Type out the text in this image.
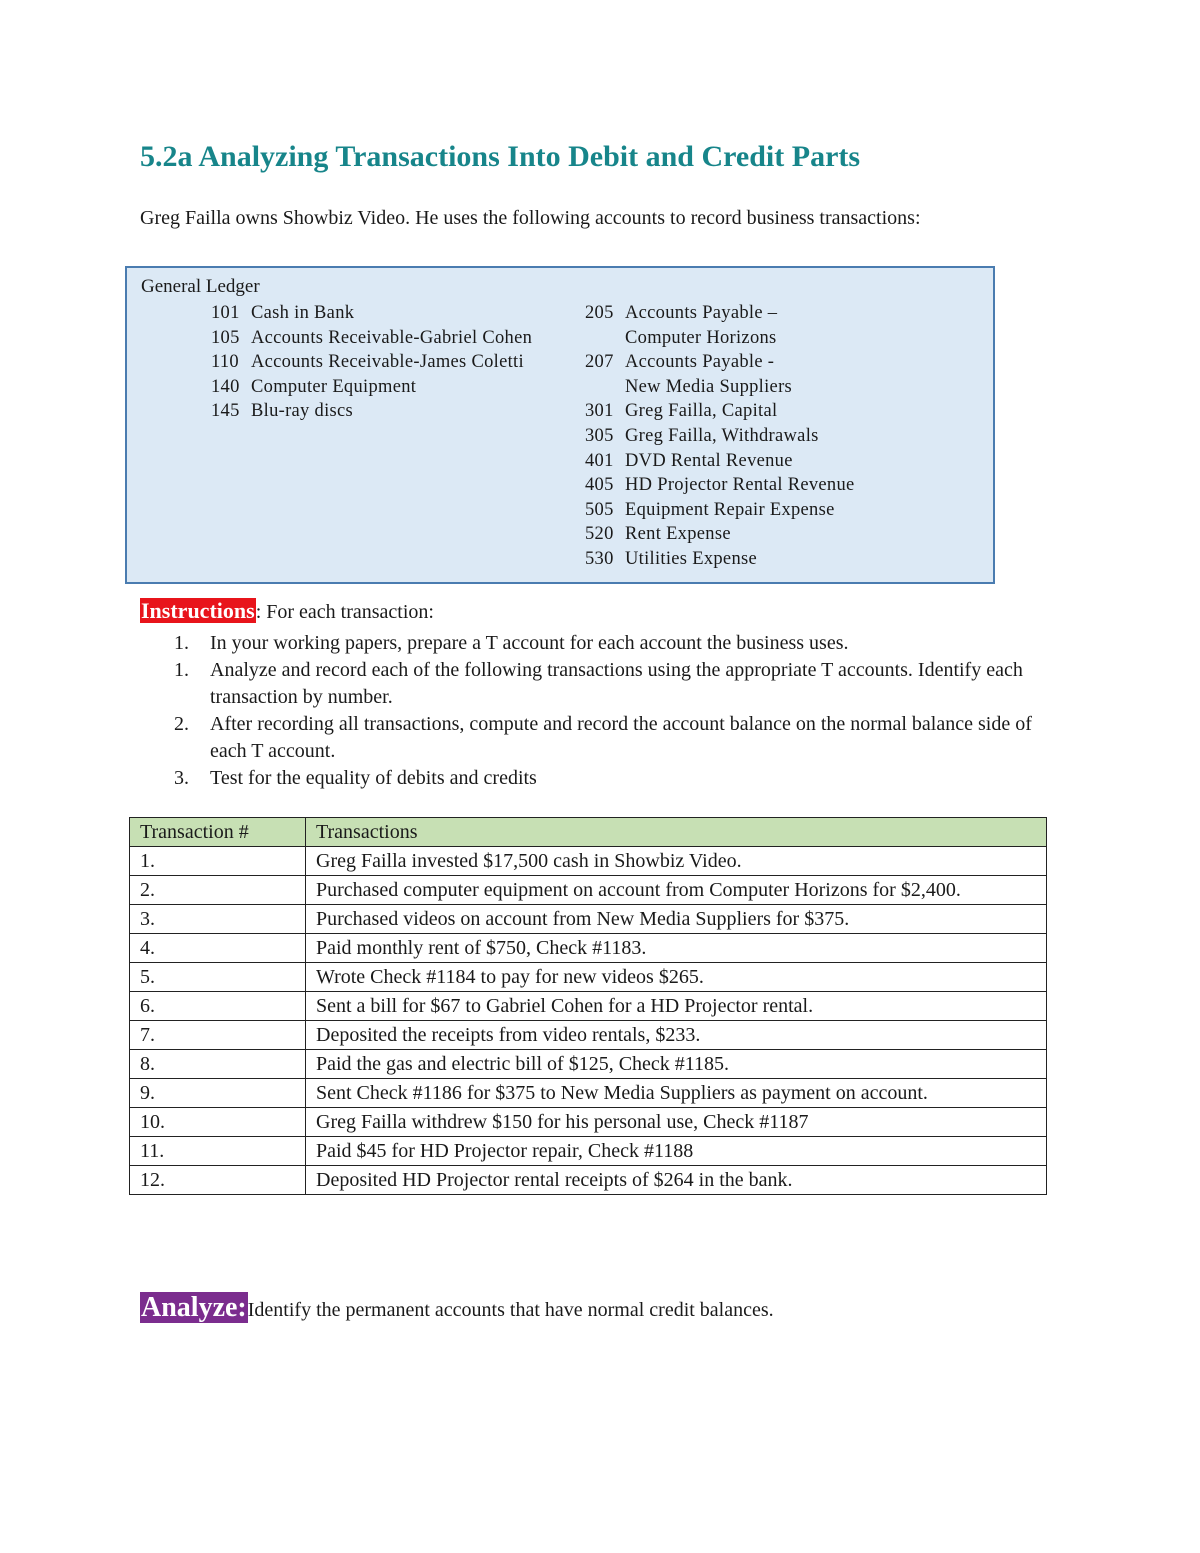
5.2a Analyzing Transactions Into Debit and Credit Parts
Greg Failla owns Showbiz Video. He uses the following accounts to record business transactions:
General Ledger
101 Cash in Bank
105 Accounts Receivable-Gabriel Cohen
110 Accounts Receivable-James Coletti
140 Computer Equipment
145 Blu-ray discs
205 Accounts Payable –
Computer Horizons
207 Accounts Payable -
New Media Suppliers
301 Greg Failla, Capital
305 Greg Failla, Withdrawals
401 DVD Rental Revenue
405 HD Projector Rental Revenue
505 Equipment Repair Expense
520 Rent Expense
530 Utilities Expense
Instructions: For each transaction:
1.	In your working papers, prepare a T account for each account the business uses.
1.	Analyze and record each of the following transactions using the appropriate T accounts. Identify each transaction by number.
2.	After recording all transactions, compute and record the account balance on the normal balance side of each T account.
3.	Test for the equality of debits and credits
Transaction #	Transactions
1.	Greg Failla invested $17,500 cash in Showbiz Video.
2.	Purchased computer equipment on account from Computer Horizons for $2,400.
3.	Purchased videos on account from New Media Suppliers for $375.
4.	Paid monthly rent of $750, Check #1183.
5.	Wrote Check #1184 to pay for new videos $265.
6.	Sent a bill for $67 to Gabriel Cohen for a HD Projector rental.
7.	Deposited the receipts from video rentals, $233.
8.	Paid the gas and electric bill of $125, Check #1185.
9.	Sent Check #1186 for $375 to New Media Suppliers as payment on account.
10.	Greg Failla withdrew $150 for his personal use, Check #1187
11.	Paid $45 for HD Projector repair, Check #1188
12.	Deposited HD Projector rental receipts of $264 in the bank.
Analyze:Identify the permanent accounts that have normal credit balances.
